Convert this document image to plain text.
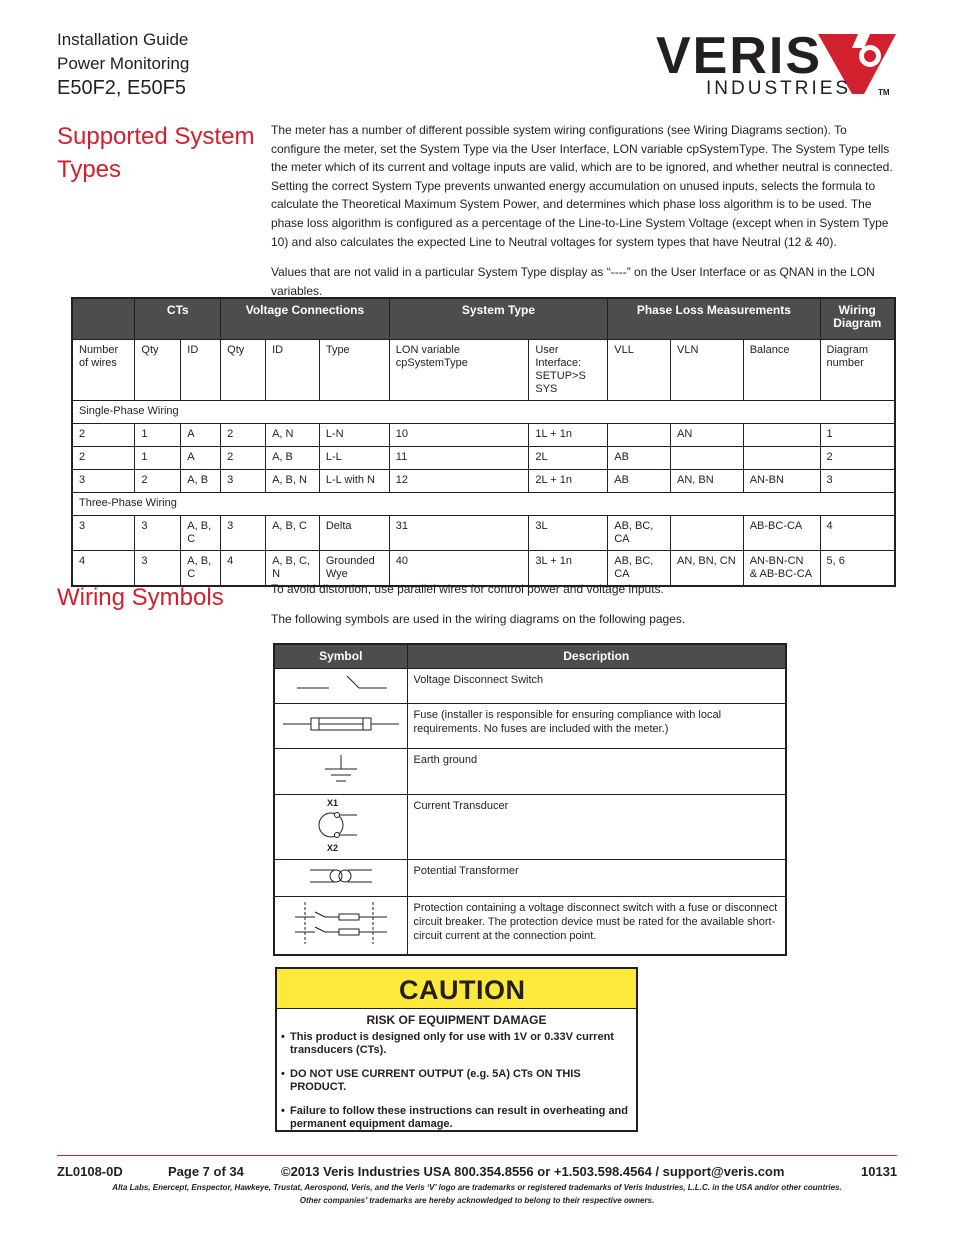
Installation Guide
Power Monitoring
E50F2, E50F5
VERIS
INDUSTRIES	TM
Supported System
Types
The meter has a number of different possible system wiring configurations (see Wiring Diagrams section). To configure the meter, set the System Type via the User Interface, LON variable cpSystemType. The System Type tells the meter which of its current and voltage inputs are valid, which are to be ignored, and whether neutral is connected. Setting the correct System Type prevents unwanted energy accumulation on unused inputs, selects the formula to calculate the Theoretical Maximum System Power, and determines which phase loss algorithm is to be used. The phase loss algorithm is configured as a percentage of the Line-to-Line System Voltage (except when in System Type 10) and also calculates the expected Line to Neutral voltages for system types that have Neutral (12 & 40).
Values that are not valid in a particular System Type display as “----” on the User Interface or as QNAN in the LON variables.
	CTs		Voltage Connections			System Type		Phase Loss Measurements			Wiring Diagram
Number of wires	Qty	ID	Qty	ID	Type	LON variable cpSystemType	User Interface: SETUP>S SYS	VLL	VLN	Balance	Diagram number
Single-Phase Wiring											
2	1	A	2	A, N	L-N	10	1L + 1n		AN		1
2	1	A	2	A, B	L-L	11	2L	AB			2
3	2	A, B	3	A, B, N	L-L with N	12	2L + 1n	AB	AN, BN	AN-BN	3
Three-Phase Wiring											
3	3	A, B, C	3	A, B, C	Delta	31	3L	AB, BC, CA		AB-BC-CA	4
4	3	A, B, C	4	A, B, C, N	Grounded Wye	40	3L + 1n	AB, BC, CA	AN, BN, CN	AN-BN-CN & AB-BC-CA	5, 6
Wiring Symbols	To avoid distortion, use parallel wires for control power and voltage inputs.
The following symbols are used in the wiring diagrams on the following pages.
Symbol	Description
	Voltage Disconnect Switch
	Fuse (installer is responsible for ensuring compliance with local requirements. No fuses are included with the meter.)
	Earth ground

X1
X2	Current Transducer
	Potential Transformer
	Protection containing a voltage disconnect switch with a fuse or disconnect circuit breaker. The protection device must be rated for the available short-circuit current at the connection point.
CAUTION
RISK OF EQUIPMENT DAMAGE
• This product is designed only for use with 1V or 0.33V current transducers (CTs).
• DO NOT USE CURRENT OUTPUT (e.g. 5A) CTs ON THIS PRODUCT.
• Failure to follow these instructions can result in overheating and permanent equipment damage.
ZL0108-0D	Page 7 of 34	©2013 Veris Industries USA 800.354.8556 or +1.503.598.4564 / support@veris.com	10131
Alta Labs, Enercept, Enspector, Hawkeye, Trustat, Aerospond, Veris, and the Veris ‘V’ logo are trademarks or registered trademarks of Veris Industries, L.L.C. in the USA and/or other countries.
Other companies’ trademarks are hereby acknowledged to belong to their respective owners.
